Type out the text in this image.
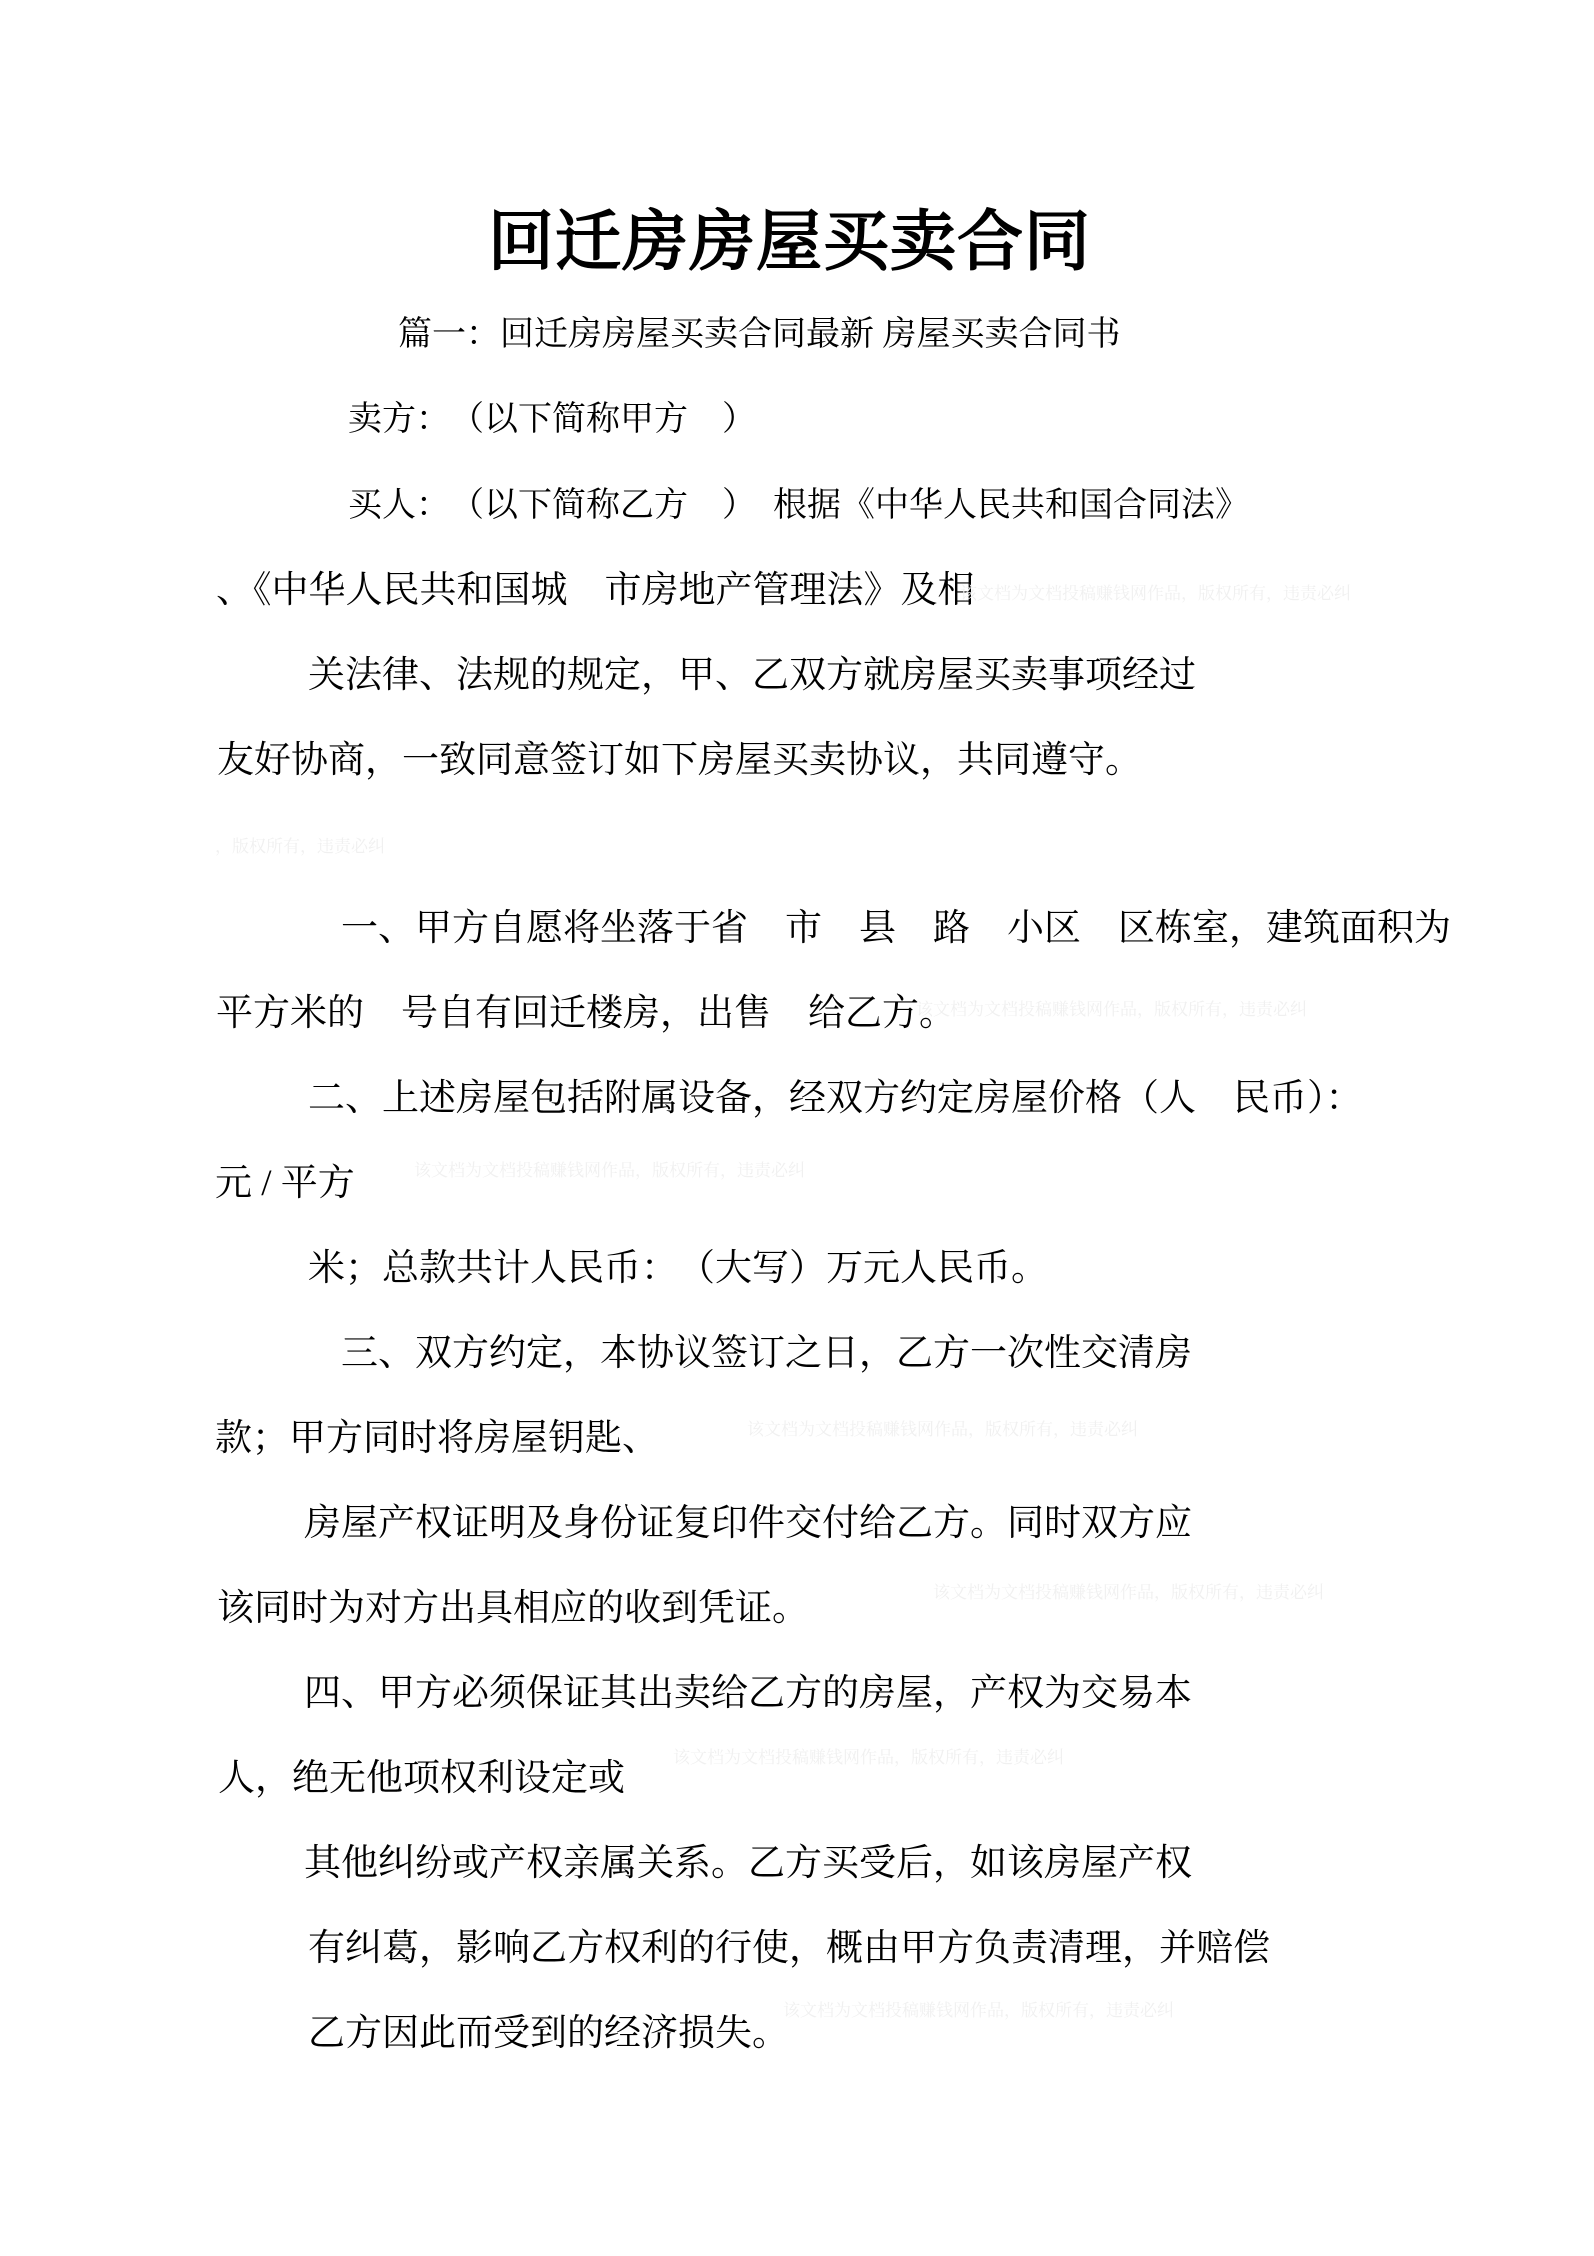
回迁房房屋买卖合同
篇一：回迁房房屋买卖合同最新 房屋买卖合同书
卖方：　（以下简称甲方　）
买人：　（以下简称乙方　）　根据《中华人民共和国合同法》
、《中华人民共和国城　市房地产管理法》及相
关法律、法规的规定，甲、乙双方就房屋买卖事项经过
友好协商，一致同意签订如下房屋买卖协议，共同遵守。
一、甲方自愿将坐落于省　市　县　路　小区　区栋室，建筑面积为
平方米的　号自有回迁楼房，出售　给乙方。
二、上述房屋包括附属设备，经双方约定房屋价格（人　民币）：
元 / 平方
米；总款共计人民币：　（大写）万元人民币。
三、双方约定，本协议签订之日，乙方一次性交清房
款；甲方同时将房屋钥匙、
房屋产权证明及身份证复印件交付给乙方。同时双方应
该同时为对方出具相应的收到凭证。
四、甲方必须保证其出卖给乙方的房屋，产权为交易本
人，绝无他项权利设定或
其他纠纷或产权亲属关系。乙方买受后，如该房屋产权
有纠葛，影响乙方权利的行使，概由甲方负责清理，并赔偿
乙方因此而受到的经济损失。
该文档为文档投稿赚钱网作品，版权所有，违责必纠
，版权所有，违责必纠
该文档为文档投稿赚钱网作品，版权所有，违责必纠
该文档为文档投稿赚钱网作品，版权所有，违责必纠
该文档为文档投稿赚钱网作品，版权所有，违责必纠
该文档为文档投稿赚钱网作品，版权所有，违责必纠
该文档为文档投稿赚钱网作品，版权所有，违责必纠
该文档为文档投稿赚钱网作品，版权所有，违责必纠
